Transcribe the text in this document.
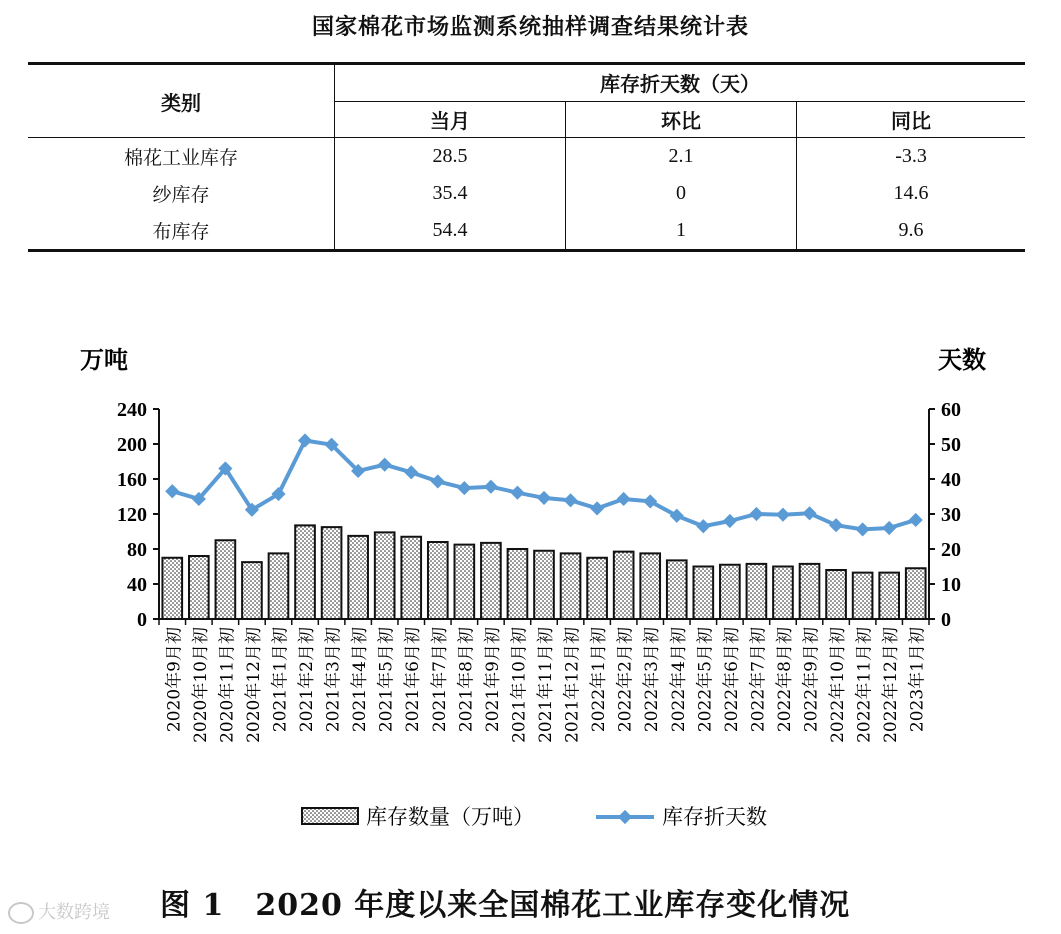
国家棉花市场监测系统抽样调查结果统计表
类别	库存折天数（天）		
	当月	环比	同比
棉花工业库存	28.5	2.1	-3.3
纱库存	35.4	0	14.6
布库存	54.4	1	9.6
万吨	天数
0
40
80
120
160
200
240
0
10
20
30
40
50
60
2020年9月初 2020年10月初 2020年11月初 2020年12月初 2021年1月初 2021年2月初 2021年3月初 2021年4月初 2021年5月初 2021年6月初 2021年7月初 2021年8月初 2021年9月初 2021年10月初 2021年11月初 2021年12月初 2022年1月初 2022年2月初 2022年3月初 2022年4月初 2022年5月初 2022年6月初 2022年7月初 2022年8月初 2022年9月初 2022年10月初 2022年11月初 2022年12月初 2023年1月初
库存数量（万吨）	库存折天数
图 1　2020 年度以来全国棉花工业库存变化情况
大数跨境
